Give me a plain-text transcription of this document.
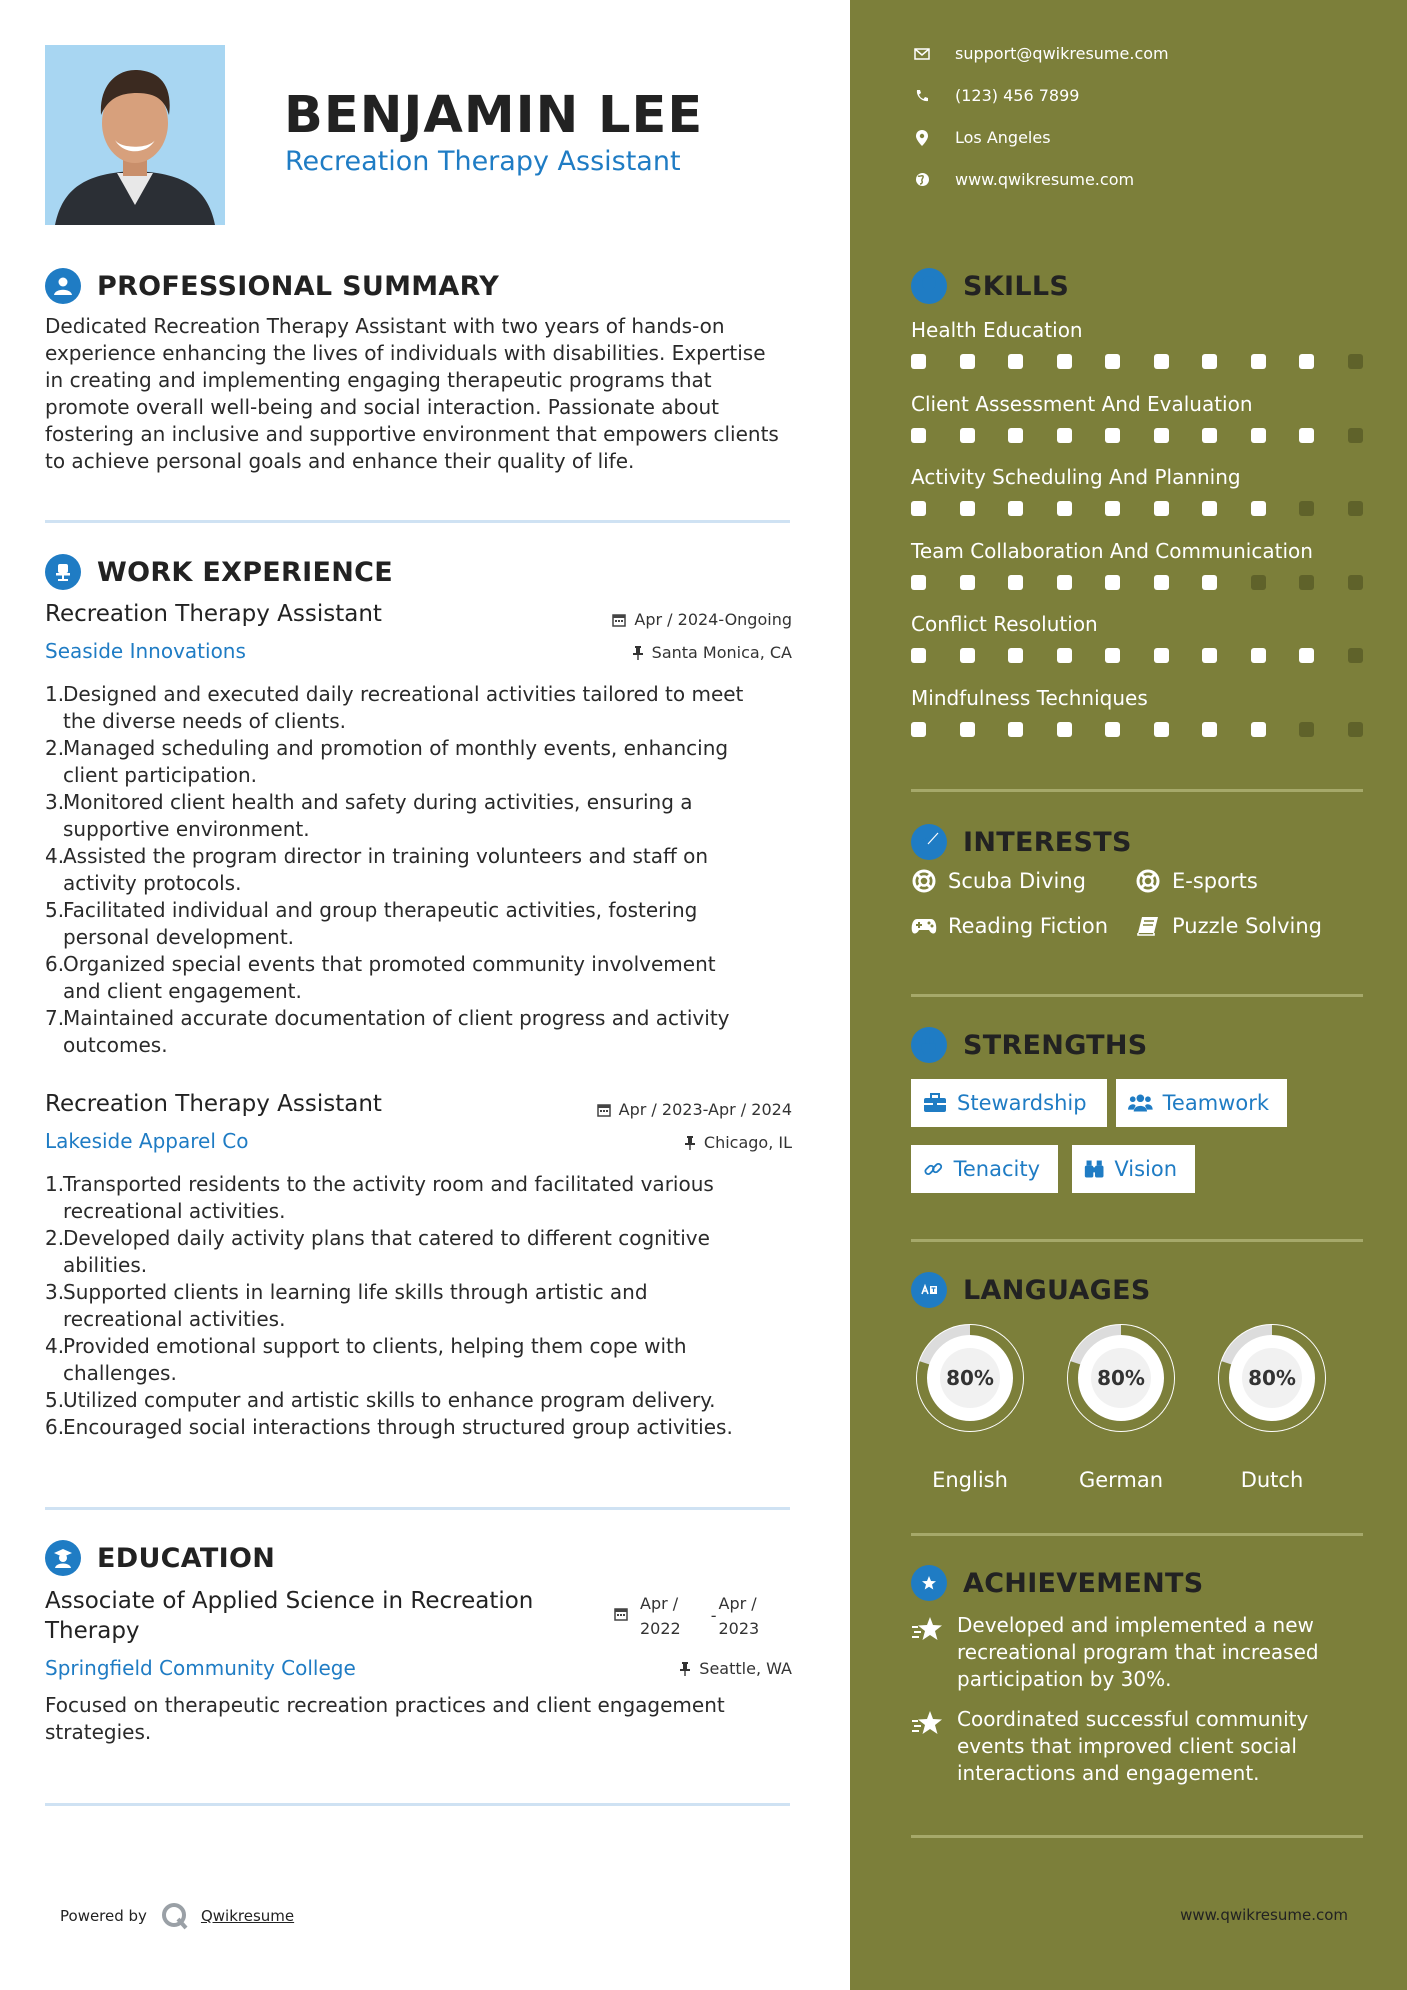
BENJAMIN LEE
Recreation Therapy Assistant
PROFESSIONAL SUMMARY

Dedicated Recreation Therapy Assistant with two years of hands-on experience enhancing the lives of individuals with disabilities. Expertise in creating and implementing engaging therapeutic programs that promote overall well-being and social interaction. Passionate about fostering an inclusive and supportive environment that empowers clients to achieve personal goals and enhance their quality of life.

WORK EXPERIENCE
Recreation Therapy Assistant	Apr / 2024-Ongoing
Seaside Innovations	Santa Monica, CA
1.
Designed and executed daily recreational activities tailored to meet
the diverse needs of clients.
2.
Managed scheduling and promotion of monthly events, enhancing
client participation.
3.
Monitored client health and safety during activities, ensuring a
supportive environment.
4.
Assisted the program director in training volunteers and staff on
activity protocols.
5.
Facilitated individual and group therapeutic activities, fostering
personal development.
6.
Organized special events that promoted community involvement
and client engagement.
7.
Maintained accurate documentation of client progress and activity
outcomes.
Recreation Therapy Assistant	Apr / 2023-Apr / 2024
Lakeside Apparel Co	Chicago, IL
1.
Transported residents to the activity room and facilitated various
recreational activities.
2.
Developed daily activity plans that catered to different cognitive
abilities.
3.
Supported clients in learning life skills through artistic and
recreational activities.
4.
Provided emotional support to clients, helping them cope with
challenges.
5.
Utilized computer and artistic skills to enhance program delivery.
6.
Encouraged social interactions through structured group activities.
EDUCATION
Associate of Applied Science in Recreation
Therapy
Apr /
2022
-
Apr /
2023
Springfield Community College	Seattle, WA
Focused on therapeutic recreation practices and client engagement
strategies.
Powered by	Qwikresume
support@qwikresume.com
(123) 456 7899
Los Angeles
www.qwikresume.com
SKILLS
Health Education
Client Assessment And Evaluation
Activity Scheduling And Planning
Team Collaboration And Communication
Conflict Resolution
Mindfulness Techniques
INTERESTS
Scuba Diving	E-sports
Reading Fiction	Puzzle Solving
STRENGTHS
Stewardship	Teamwork
Tenacity	Vision
LANGUAGES
80%
English
80%
German
80%
Dutch
ACHIEVEMENTS
Developed and implemented a new
recreational program that increased
participation by 30%.
Coordinated successful community
events that improved client social
interactions and engagement.
www.qwikresume.com
